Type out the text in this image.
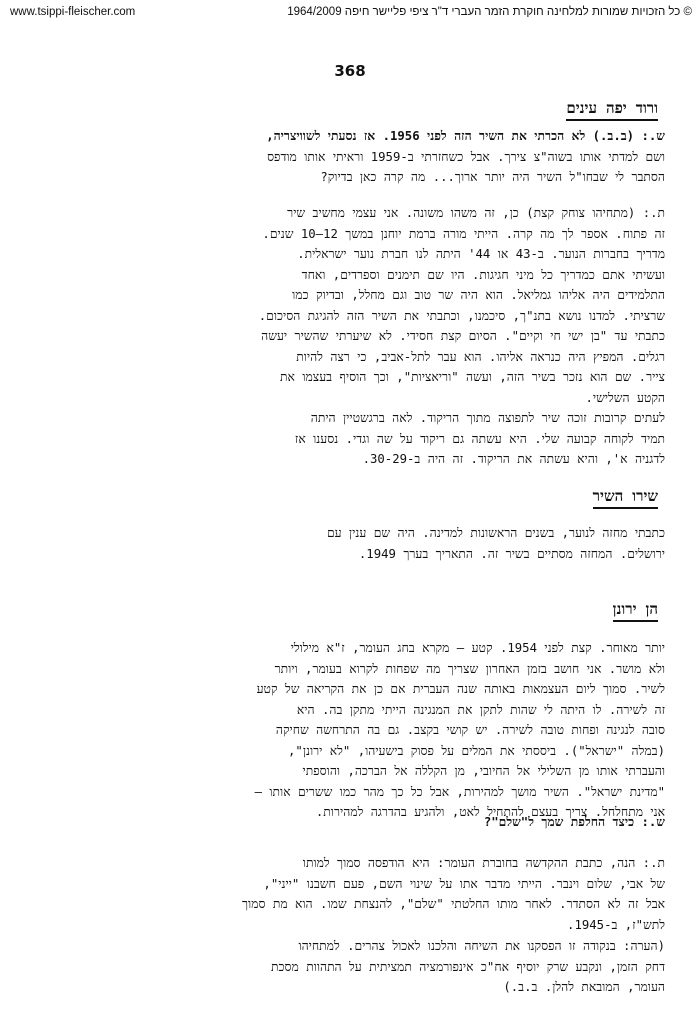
www.tsippi-fleischer.com	© כל הזכויות שמורות למלחינה חוקרת הזמר העברי ד"ר ציפי פליישר חיפה 1964/2009
368
ורוד יפה עינים
ש.: (ב.ב.) לא הכרתי את השיר הזה לפני 1956. אז נסעתי לשוויצריה,
ושם למדתי אותו בשוה"צ צירך. אבל כשחזרתי ב-1959 וראיתי אותו מודפס
הסתבר לי שבחו"ל השיר היה יותר ארוך... מה קרה כאן בדיוק?
ת.: (מתחיהו צוחק קצת) כן, זה משהו משונה. אני עצמי מחשיב שיר
זה פתוח. אספר לך מה קרה. הייתי מורה ברמת יוחנן במשך 12–10 שנים.
מדריך בחברות הנוער. ב-43 או 44' היתה לנו חברת נוער ישראלית.
ועשיתי אתם כמדריך כל מיני חגיגות. היו שם תימנים וספרדים, ואחד
התלמידים היה אליהו גמליאל. הוא היה שר טוב וגם מחלל, ובדיוק כמו
שרציתי. למדנו נושא בתנ"ך, סיכמנו, וכתבתי את השיר הזה להגיגת הסיכום.
כתבתי עד "בן ישי חי וקיים". הסיום קצת חסידי. לא שיערתי שהשיר יעשה
רגלים. המפיץ היה כנראה אליהו. הוא עבר לתל-אביב, כי רצה להיות
צייר. שם הוא נזכר בשיר הזה, ועשה "וריאציות", וכך הוסיף בעצמו את
הקטע השלישי.
לעתים קרובות זוכה שיר לתפוצה מתוך הריקוד. לאה ברגשטיין היתה
תמיד לקוחה קבועה שלי. היא עשתה גם ריקוד על שה וגדי. נסענו אז
לדגניה א', והיא עשתה את הריקוד. זה היה ב-30-29.
שירו השיר
כתבתי מחזה לנוער, בשנים הראשונות למדינה. היה שם ענין עם
ירושלים. המחזה מסתיים בשיר זה. התאריך בערך 1949.
הן ירונן
יותר מאוחר. קצת לפני 1954. קטע – מקרא בחג העומר, ז"א מילולי
ולא מושר. אני חושב בזמן האחרון שצריך מה שפחות לקרוא בעומר, ויותר
לשיר. סמוך ליום העצמאות באותה שנה העברית אם כן את הקריאה של קטע
זה לשירה. לו היתה לי שהות לתקן את המנגינה הייתי מתקן בה. היא
סובה לנגינה ופחות טובה לשירה. יש קושי בקצב. גם בה התרחשה שחיקה
(במלה "ישראל"). ביססתי את המלים על פסוק בישעיהו, "לא ירונן",
והעברתי אותו מן השלילי אל החיובי, מן הקללה אל הברכה, והוספתי
"מדינת ישראל". השיר מושך למהירות, אבל כל כך מהר כמו ששרים אותו –
אני מתחלחל. צריך בעצם להתחיל לאט, ולהגיע בהדרגה למהירות.
ש.: כיצד החלפת שמך ל"שלם"?
ת.: הנה, כתבת ההקדשה בחוברת העומר: היא הודפסה סמוך למותו
של אבי, שלום וינבר. הייתי מדבר אתו על שינוי השם, פעם חשבנו "ייני",
אבל זה לא הסתדר. לאחר מותו החלטתי "שלם", להנצחת שמו. הוא מת סמוך
לתש"ז, ב-1945.
(הערה: בנקודה זו הפסקנו את השיחה והלכנו לאכול צהרים. למתחיהו
דחק הזמן, ונקבע שרק יוסיף אח"כ אינפורמציה תמציתית על התהוות מסכת
העומר, המובאת להלן. ב.ב.)
